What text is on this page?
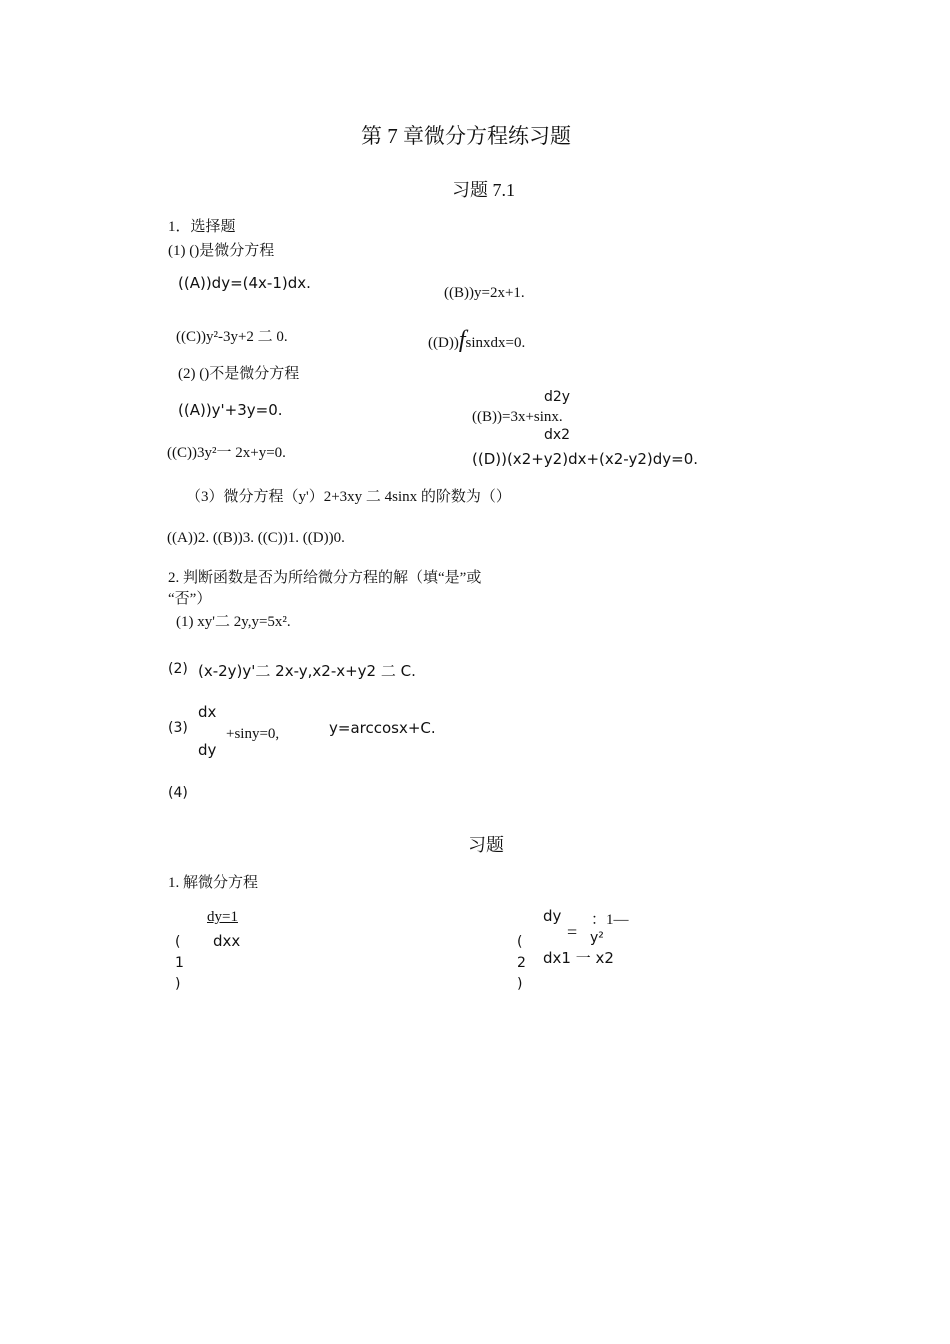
第 7 章微分方程练习题
习题 7.1
1．选择题
(1) ()是微分方程
((A))dy=(4x-1)dx.
((B))y=2x+1.
((C))y²-3y+2 二 0.	((D))fsinxdx=0.
(2) ()不是微分方程
((A))y'+3y=0.
d2y
((B))=3x+sinx.
dx2
((C))3y²一 2x+y=0.	((D))(x2+y2)dx+(x2-y2)dy=0.
（3）微分方程（y'）2+3xy 二 4sinx 的阶数为（）
((A))2. ((B))3. ((C))1. ((D))0.
2. 判断函数是否为所给微分方程的解（填“是”或
“否”）
(1) xy'二 2y,y=5x².
(2) (x-2y)y'二 2x-y,x2-x+y2 二 C.
(3)
dx
+siny=0,
dy
y=arccosx+C.
(4)
习题
1. 解微分方程
dy=1
dxx
(
1
)
dy ：1—
= y²
dx1 一 x2
(
2
)
